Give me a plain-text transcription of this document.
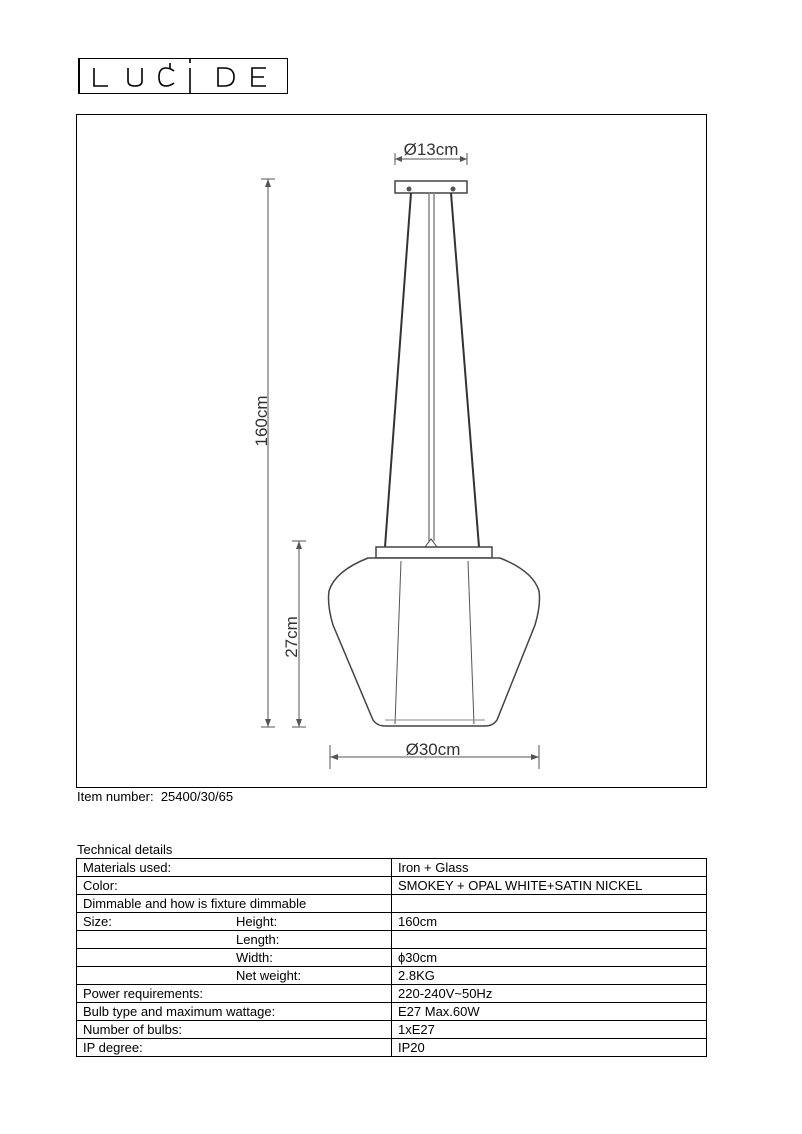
Ø13cm
160cm
27cm
Ø30cm
Item number: 25400/30/65
Technical details
Materials used:	Iron + Glass
Color:	SMOKEY + OPAL WHITE+SATIN NICKEL
Dimmable and how is fixture dimmable	
Size: Height:	160cm
Length:	
Width:	ϕ30cm
Net weight:	2.8KG
Power requirements:	220-240V~50Hz
Bulb type and maximum wattage:	E27 Max.60W
Number of bulbs:	1xE27
IP degree:	IP20
